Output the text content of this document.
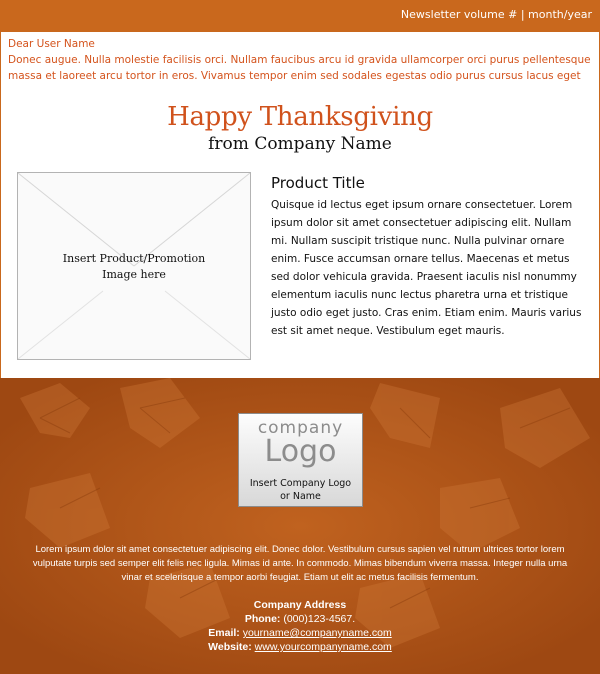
Newsletter volume # | month/year
Dear User Name
Donec augue. Nulla molestie facilisis orci. Nullam faucibus arcu id gravida ullamcorper orci purus pellentesque massa et laoreet arcu tortor in eros. Vivamus tempor enim sed sodales egestas odio purus cursus lacus eget
Happy Thanksgiving
from Company Name
Insert Product/Promotion
Image here
Product Title
Quisque id lectus eget ipsum ornare consectetuer. Lorem ipsum dolor sit amet consectetuer adipiscing elit. Nullam mi. Nullam suscipit tristique nunc. Nulla pulvinar ornare enim. Fusce accumsan ornare tellus. Maecenas et metus sed dolor vehicula gravida. Praesent iaculis nisl nonummy elementum iaculis nunc lectus pharetra urna et tristique justo odio eget justo. Cras enim. Etiam enim. Mauris varius est sit amet neque. Vestibulum eget mauris.
company
Logo
Insert Company Logo
or Name
Lorem ipsum dolor sit amet consectetuer adipiscing elit. Donec dolor. Vestibulum cursus sapien vel rutrum ultrices tortor lorem vulputate turpis sed semper elit felis nec ligula. Mimas id ante. In commodo. Mimas bibendum viverra massa. Integer nulla urna vinar et scelerisque a tempor aorbi feugiat. Etiam ut elit ac metus facilisis fermentum.
Company Address
Phone: (000)123-4567.
Email: yourname@companyname.com
Website: www.yourcompanyname.com
